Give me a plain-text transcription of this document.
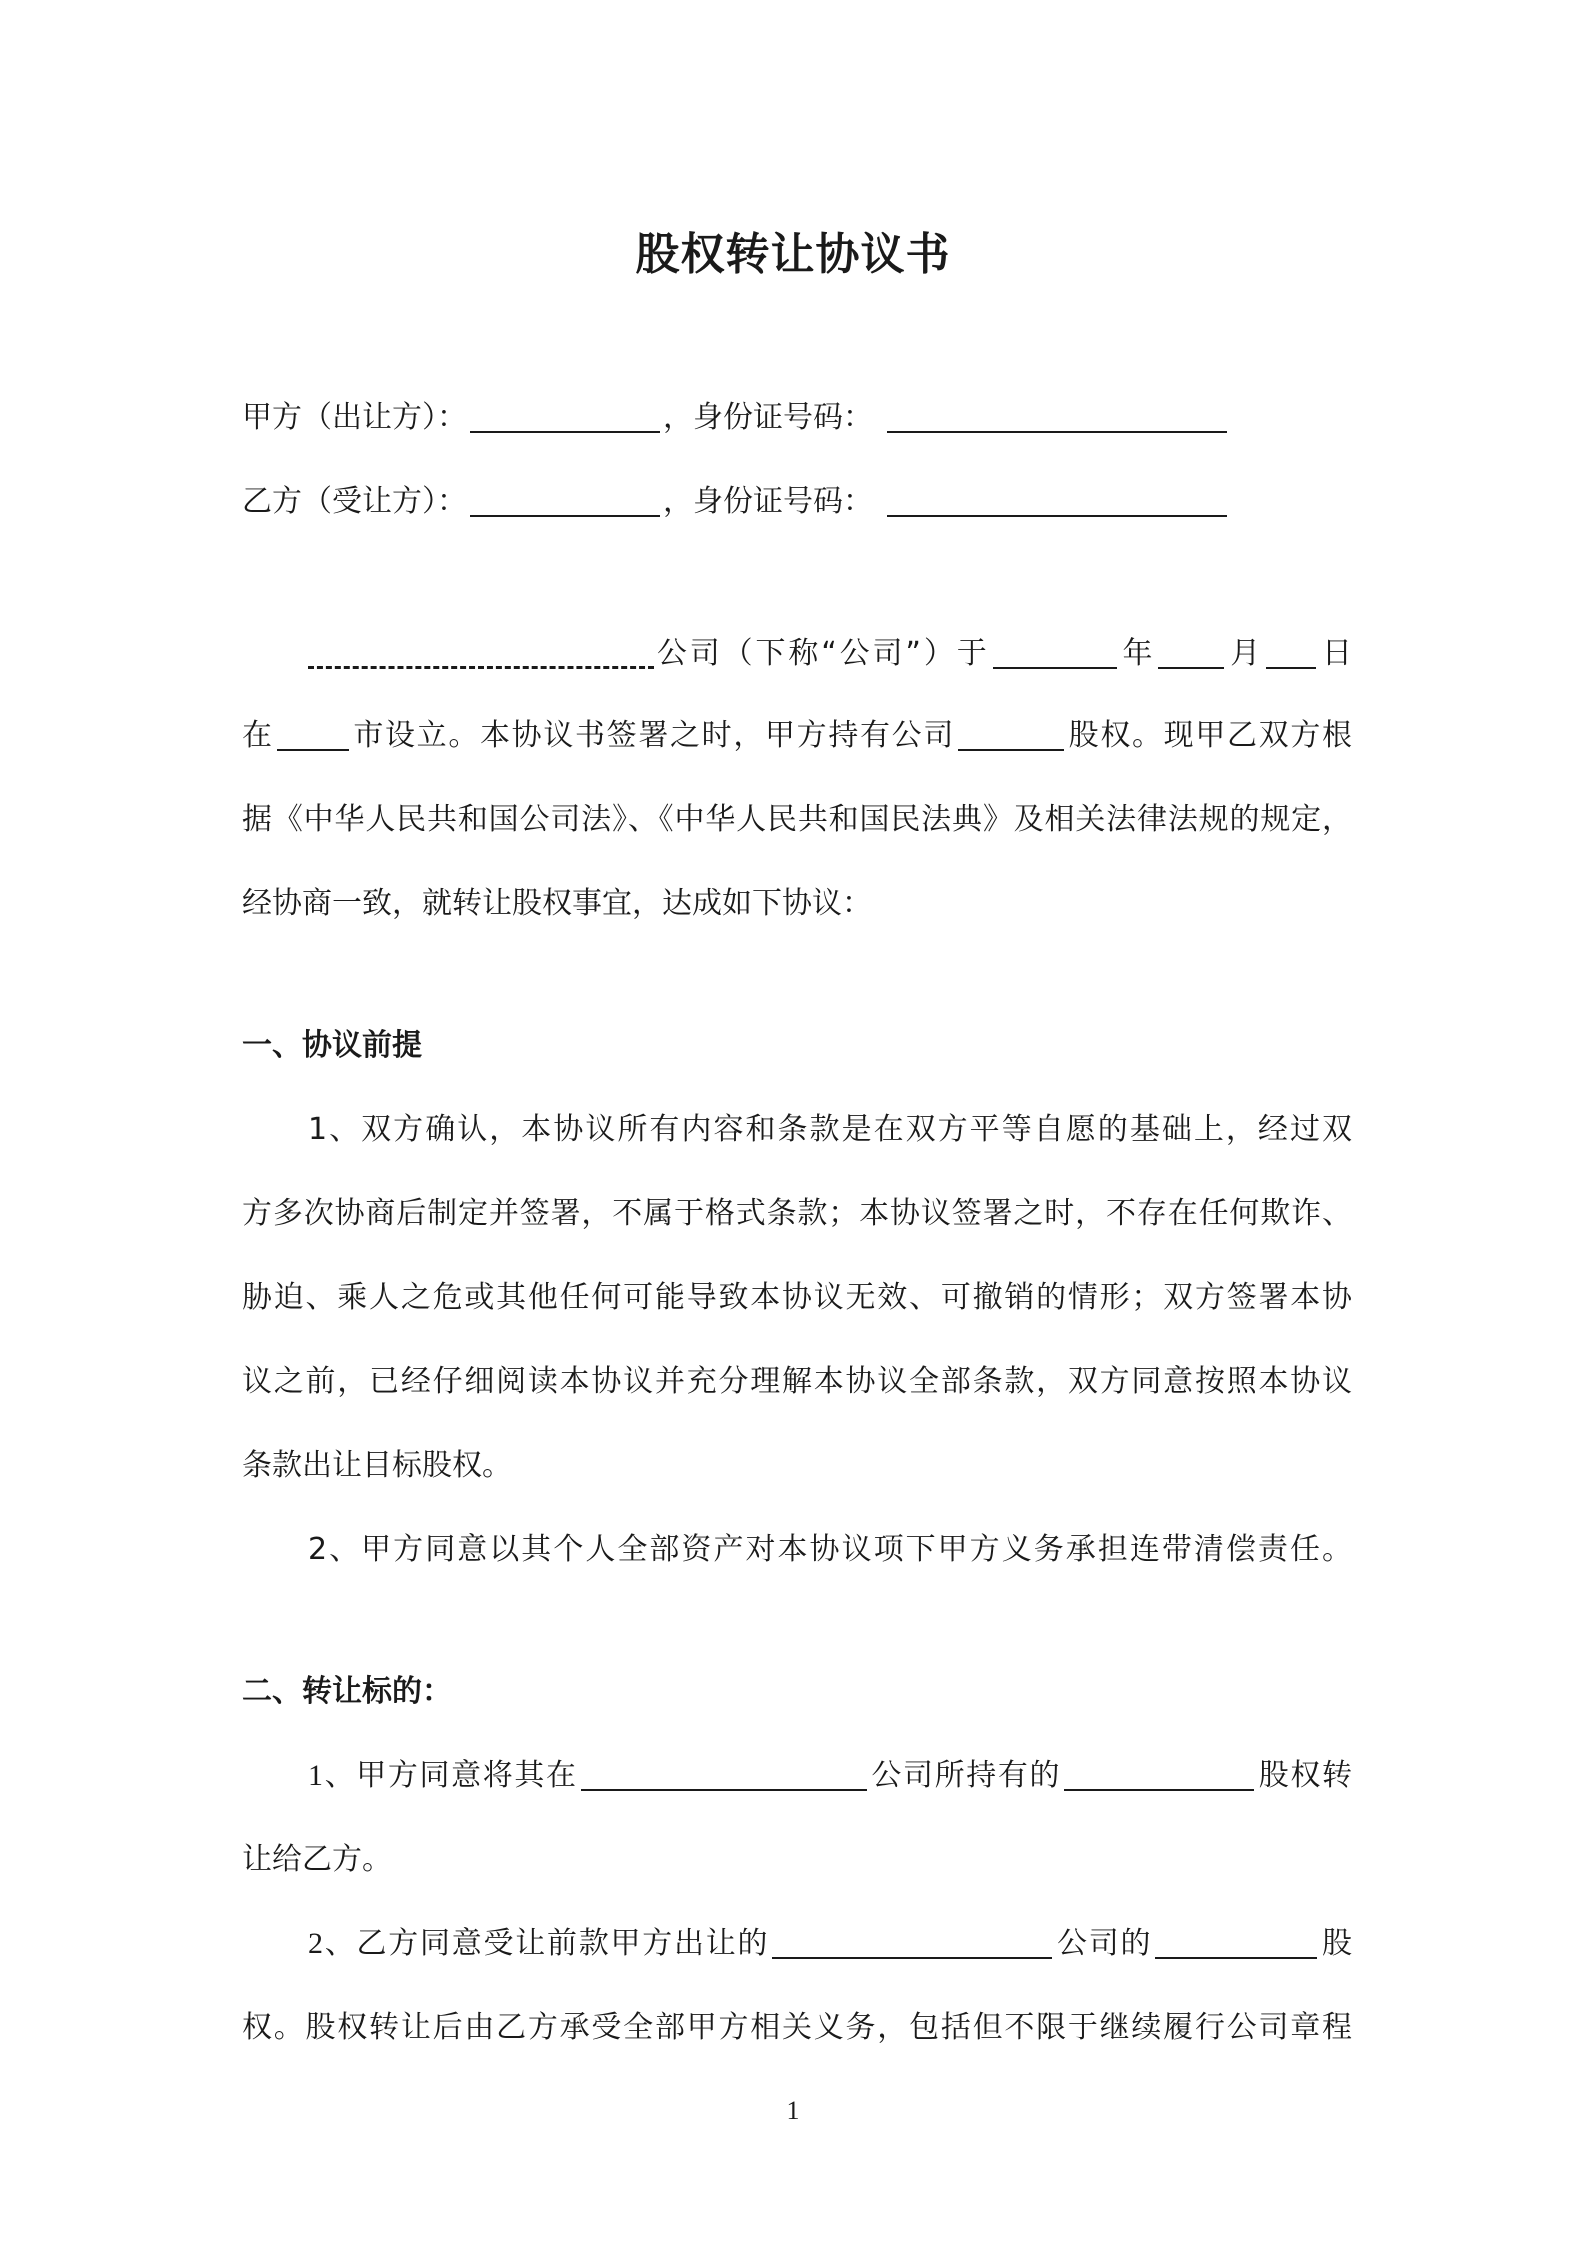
股权转让协议书
甲方（出让方）：	，身份证号码：
乙方（受让方）：	，身份证号码：
公司（下称“公司”）于	年 月 日
在	市设立。本协议书签署之时，甲方持有公司	股权。现甲乙双方根
据《中华人民共和国公司法》、《中华人民共和国民法典》及相关法律法规的规定，
经协商一致，就转让股权事宜，达成如下协议：
一、协议前提
1、双方确认，本协议所有内容和条款是在双方平等自愿的基础上，经过双
方多次协商后制定并签署，不属于格式条款；本协议签署之时，不存在任何欺诈、
胁迫、乘人之危或其他任何可能导致本协议无效、可撤销的情形；双方签署本协
议之前，已经仔细阅读本协议并充分理解本协议全部条款，双方同意按照本协议
条款出让目标股权。
2、甲方同意以其个人全部资产对本协议项下甲方义务承担连带清偿责任。
二、转让标的：
1、甲方同意将其在	公司所持有的	股权转
让给乙方。
2、乙方同意受让前款甲方出让的	公司的	股
权。股权转让后由乙方承受全部甲方相关义务，包括但不限于继续履行公司章程
1
